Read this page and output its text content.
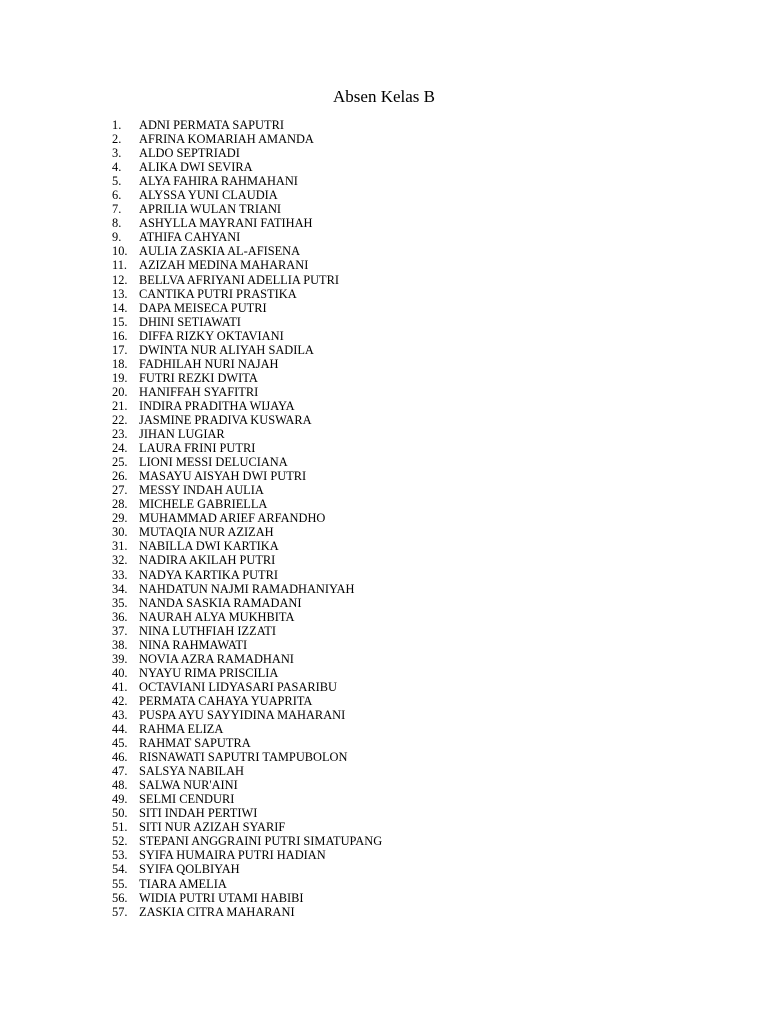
Absen Kelas B
1.	ADNI PERMATA SAPUTRI
2.	AFRINA KOMARIAH AMANDA
3.	ALDO SEPTRIADI
4.	ALIKA DWI SEVIRA
5.	ALYA FAHIRA RAHMAHANI
6.	ALYSSA YUNI CLAUDIA
7.	APRILIA WULAN TRIANI
8.	ASHYLLA MAYRANI FATIHAH
9.	ATHIFA CAHYANI
10. AULIA ZASKIA AL-AFISENA
11. AZIZAH MEDINA MAHARANI
12. BELLVA AFRIYANI ADELLIA PUTRI
13. CANTIKA PUTRI PRASTIKA
14. DAPA MEISECA PUTRI
15. DHINI SETIAWATI
16. DIFFA RIZKY OKTAVIANI
17. DWINTA NUR ALIYAH SADILA
18. FADHILAH NURI NAJAH
19. FUTRI REZKI DWITA
20. HANIFFAH SYAFITRI
21. INDIRA PRADITHA WIJAYA
22. JASMINE PRADIVA KUSWARA
23. JIHAN LUGIAR
24. LAURA FRINI PUTRI
25. LIONI MESSI DELUCIANA
26. MASAYU AISYAH DWI PUTRI
27. MESSY INDAH AULIA
28. MICHELE GABRIELLA
29. MUHAMMAD ARIEF ARFANDHO
30. MUTAQIA NUR AZIZAH
31. NABILLA DWI KARTIKA
32. NADIRA AKILAH PUTRI
33. NADYA KARTIKA PUTRI
34. NAHDATUN NAJMI RAMADHANIYAH
35. NANDA SASKIA RAMADANI
36. NAURAH ALYA MUKHBITA
37. NINA LUTHFIAH IZZATI
38. NINA RAHMAWATI
39. NOVIA AZRA RAMADHANI
40. NYAYU RIMA PRISCILIA
41. OCTAVIANI LIDYASARI PASARIBU
42. PERMATA CAHAYA YUAPRITA
43. PUSPA AYU SAYYIDINA MAHARANI
44. RAHMA ELIZA
45. RAHMAT SAPUTRA
46. RISNAWATI SAPUTRI TAMPUBOLON
47. SALSYA NABILAH
48. SALWA NUR'AINI
49. SELMI CENDURI
50. SITI INDAH PERTIWI
51. SITI NUR AZIZAH SYARIF
52. STEPANI ANGGRAINI PUTRI SIMATUPANG
53. SYIFA HUMAIRA PUTRI HADIAN
54. SYIFA QOLBIYAH
55. TIARA AMELIA
56. WIDIA PUTRI UTAMI HABIBI
57. ZASKIA CITRA MAHARANI
